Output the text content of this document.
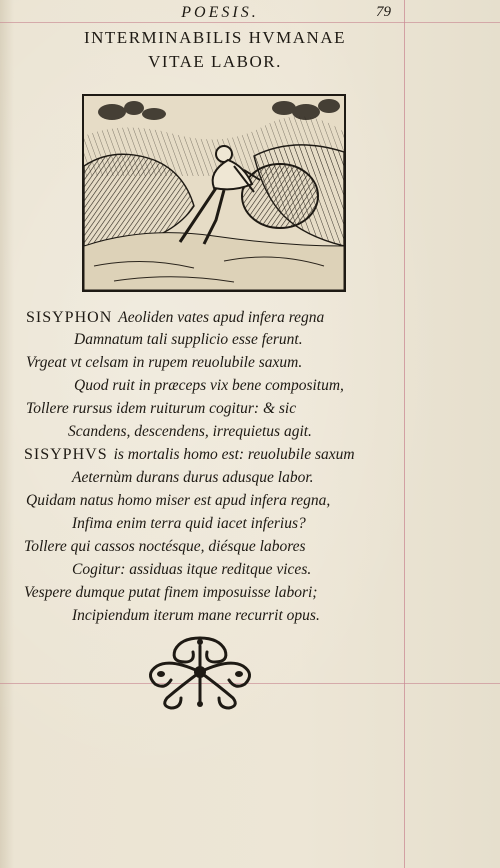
POESIS.	79
INTERMINABILIS HVMANAE
VITAE LABOR.
SISYPHON Aeoliden vates apud infera regna
Damnatum tali supplicio esse ferunt.
Vrgeat vt celsam in rupem reuolubile saxum.
Quod ruit in præceps vix bene compositum,
Tollere rursus idem ruiturum cogitur: & sic
Scandens, descendens, irrequietus agit.
SISYPHVS is mortalis homo est: reuolubile saxum
Aeternùm durans durus adusque labor.
Quidam natus homo miser est apud infera regna,
Infima enim terra quid iacet inferius?
Tollere qui cassos noctésque, diésque labores
Cogitur: assiduas itque reditque vices.
Vespere dumque putat finem imposuisse labori;
Incipiendum iterum mane recurrit opus.
